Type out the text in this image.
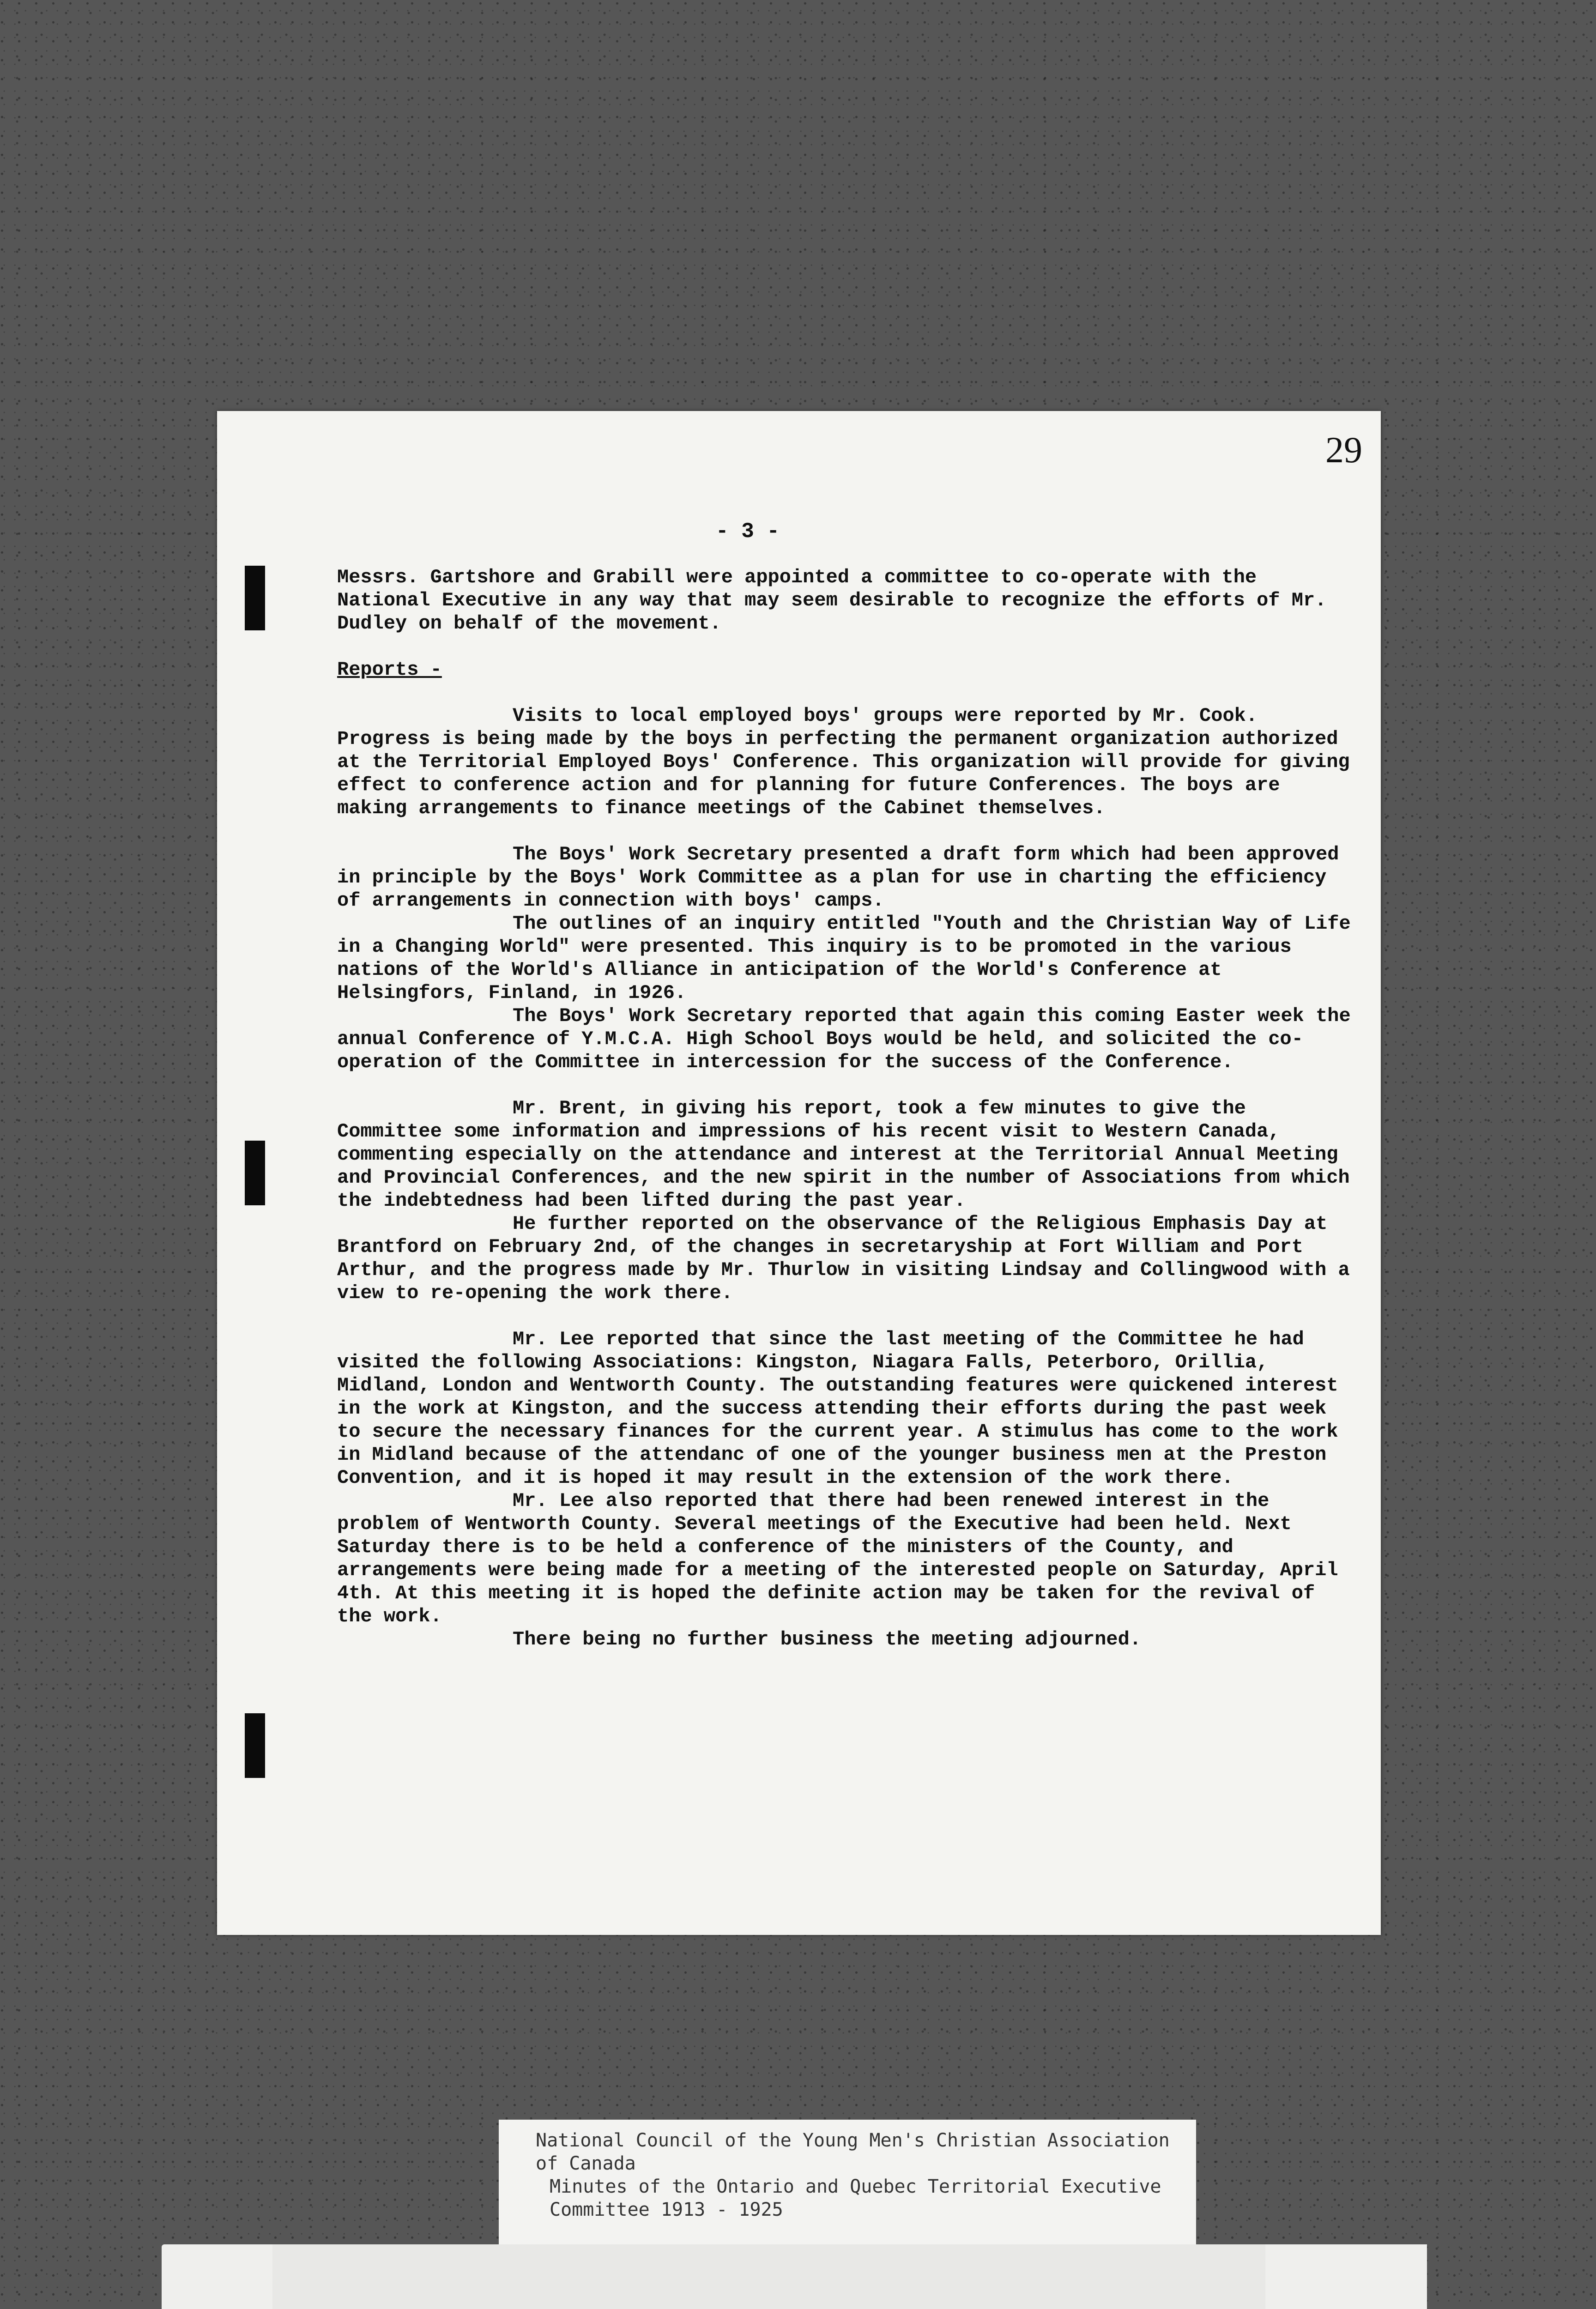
29
- 3 -

Messrs. Gartshore and Grabill were appointed a committee to co-operate with the National Executive in any way that may seem desirable to recognize the efforts of Mr. Dudley on behalf of the movement.

Reports -

Visits to local employed boys' groups were reported by Mr. Cook. Progress is being made by the boys in perfecting the permanent organization authorized at the Territorial Employed Boys' Conference. This organization will provide for giving effect to conference action and for planning for future Conferences. The boys are making arrangements to finance meetings of the Cabinet themselves.

The Boys' Work Secretary presented a draft form which had been approved in principle by the Boys' Work Committee as a plan for use in charting the efficiency of arrangements in connection with boys' camps.

The outlines of an inquiry entitled "Youth and the Christian Way of Life in a Changing World" were presented. This inquiry is to be promoted in the various nations of the World's Alliance in anticipation of the World's Conference at Helsingfors, Finland, in 1926.

The Boys' Work Secretary reported that again this coming Easter week the annual Conference of Y.M.C.A. High School Boys would be held, and solicited the co-operation of the Committee in intercession for the success of the Conference.

Mr. Brent, in giving his report, took a few minutes to give the Committee some information and impressions of his recent visit to Western Canada, commenting especially on the attendance and interest at the Territorial Annual Meeting and Provincial Conferences, and the new spirit in the number of Associations from which the indebtedness had been lifted during the past year.

He further reported on the observance of the Religious Emphasis Day at Brantford on February 2nd, of the changes in secretaryship at Fort William and Port Arthur, and the progress made by Mr. Thurlow in visiting Lindsay and Collingwood with a view to re-opening the work there.

Mr. Lee reported that since the last meeting of the Committee he had visited the following Associations: Kingston, Niagara Falls, Peterboro, Orillia, Midland, London and Wentworth County. The outstanding features were quickened interest in the work at Kingston, and the success attending their efforts during the past week to secure the necessary finances for the current year. A stimulus has come to the work in Midland because of the attendanc of one of the younger business men at the Preston Convention, and it is hoped it may result in the extension of the work there.

Mr. Lee also reported that there had been renewed interest in the problem of Wentworth County. Several meetings of the Executive had been held. Next Saturday there is to be held a conference of the ministers of the County, and arrangements were being made for a meeting of the interested people on Saturday, April 4th. At this meeting it is hoped the definite action may be taken for the revival of the work.

There being no further business the meeting adjourned.

National Council of the Young Men's Christian Association

of Canada

Minutes of the Ontario and Quebec Territorial Executive

Committee 1913 - 1925
